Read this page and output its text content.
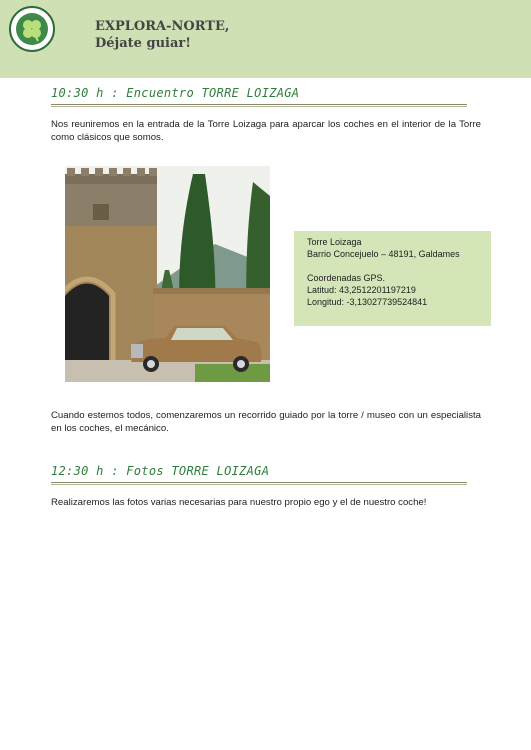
EXPLORA-NORTE,
Déjate guiar!
10:30 h : Encuentro TORRE LOIZAGA
Nos reuniremos en la entrada de la Torre Loizaga para aparcar los coches en el interior de la Torre como clásicos que somos.
Torre Loizaga
Barrio Concejuelo – 48191, Galdames
Coordenadas GPS.
Latitud: 43,2512201197219
Longitud: -3,13027739524841
Cuando estemos todos, comenzaremos un recorrido guiado por la torre / museo con un especialista en los coches, el mecánico.
12:30 h : Fotos TORRE LOIZAGA
Realizaremos las fotos varias necesarias para nuestro propio ego y el de nuestro coche!
